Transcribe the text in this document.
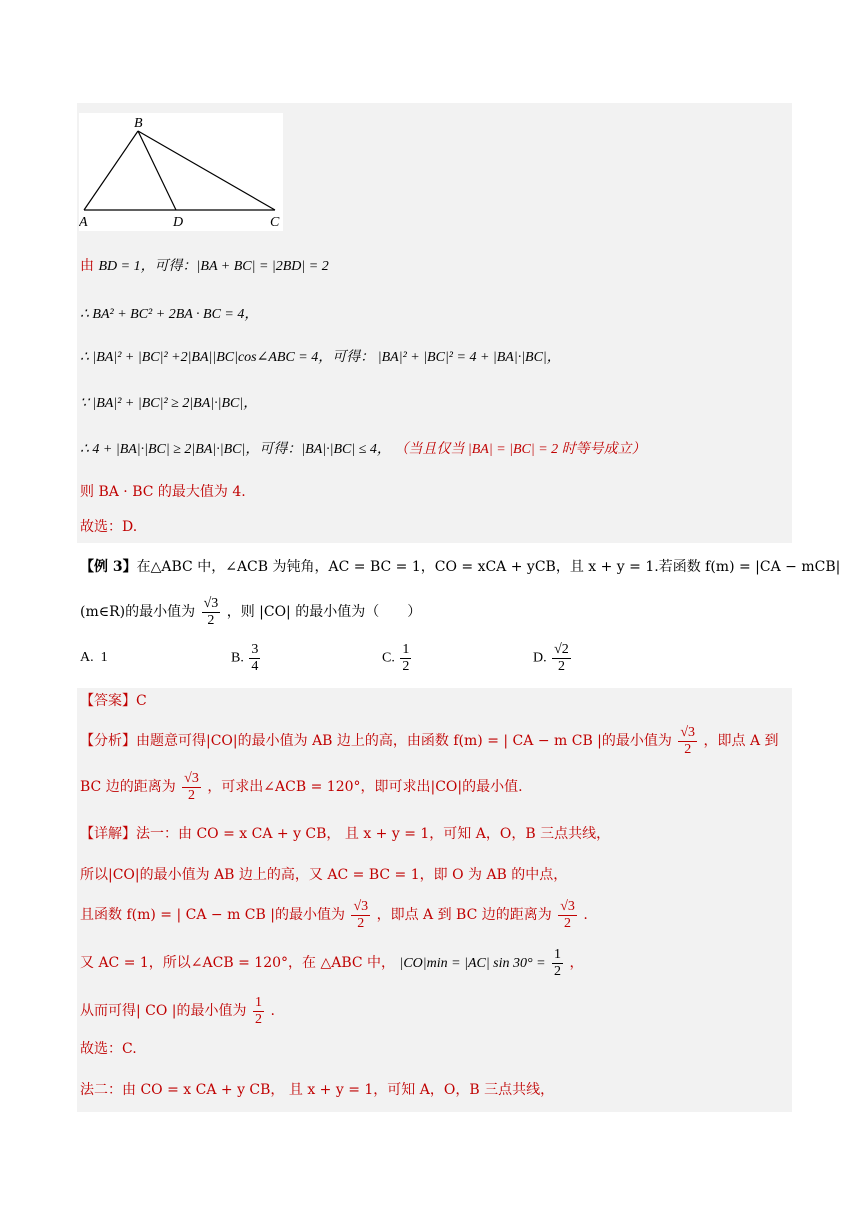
B
A	D	C
由 BD = 1，可得：|BA + BC| = |2BD| = 2
∴ BA² + BC² + 2BA · BC = 4，
∴ |BA|² + |BC|² +2|BA||BC|cos∠ABC = 4，可得： |BA|² + |BC|² = 4 + |BA|·|BC|，
∵ |BA|² + |BC|² ≥ 2|BA|·|BC|，
∴ 4 + |BA|·|BC| ≥ 2|BA|·|BC|，可得：|BA|·|BC| ≤ 4， （当且仅当 |BA| = |BC| = 2 时等号成立）
则 BA · BC 的最大值为 4.
故选：D.
【例 3】在△ABC 中，∠ACB 为钝角，AC = BC = 1，CO = xCA + yCB，且 x + y = 1.若函数 f(m) = |CA − mCB|
(m∈R)的最小值为 $\frac{√3}{2}$ ，则 |CO| 的最小值为（　　）
A. 1	B. $\frac{3}{4}$	C. $\frac{1}{2}$	D. $\frac{√2}{2}$
【答案】C
【分析】由题意可得|CO|的最小值为 AB 边上的高，由函数 f(m) = | CA − m CB |的最小值为 $\frac{√3}{2}$ ，即点 A 到
BC 边的距离为 $\frac{√3}{2}$ ，可求出∠ACB = 120°，即可求出|CO|的最小值.
【详解】法一：由 CO = x CA + y CB， 且 x + y = 1，可知 A，O，B 三点共线，
所以|CO|的最小值为 AB 边上的高，又 AC = BC = 1，即 O 为 AB 的中点，
且函数 f(m) = | CA − m CB |的最小值为 $\frac{√3}{2}$ ，即点 A 到 BC 边的距离为 $\frac{√3}{2}$ .
又 AC = 1，所以∠ACB = 120°，在 △ABC 中， |CO|min = |AC| $\sin 30^\circ = \frac{1}{2}$ ，
从而可得| CO |的最小值为 $\frac{1}{2}$ .
故选：C.
法二：由 CO = x CA + y CB， 且 x + y = 1，可知 A，O，B 三点共线，
